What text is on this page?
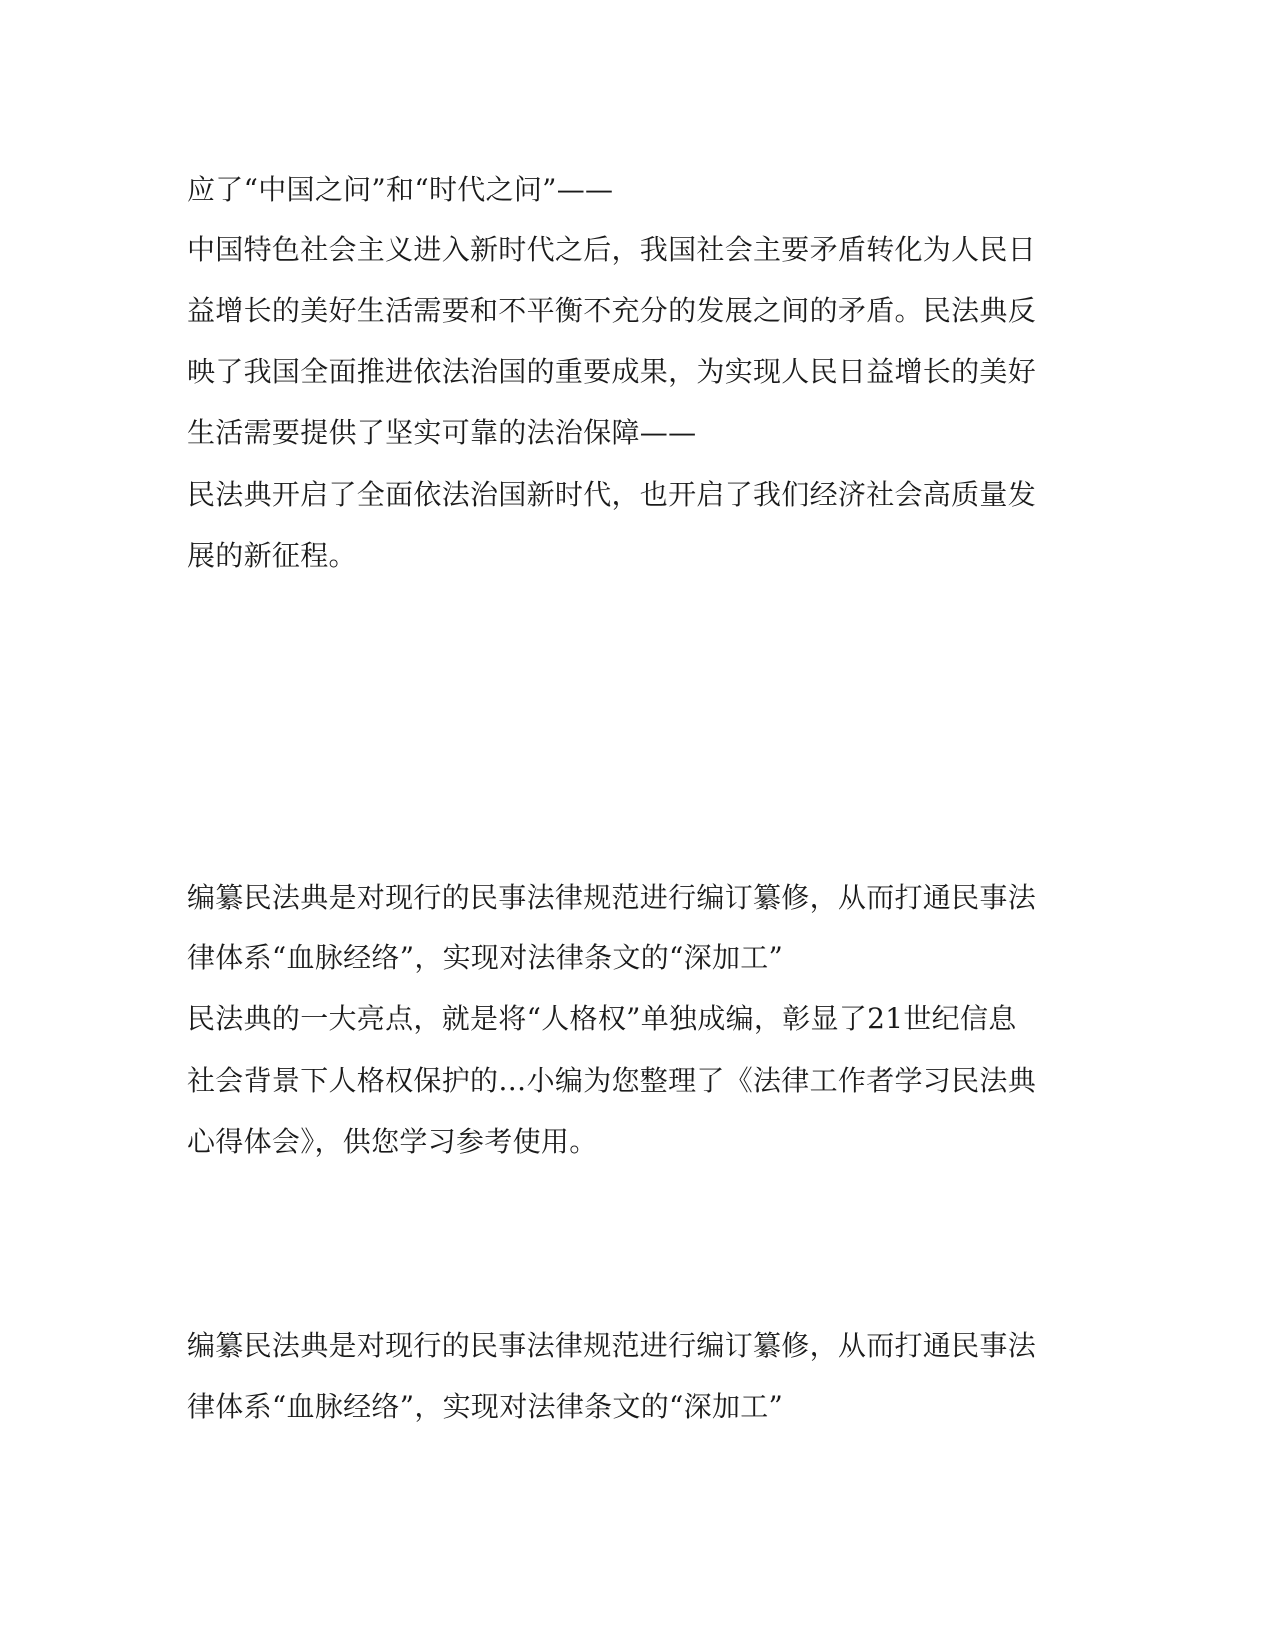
应了“中国之问”和“时代之问”——

中国特色社会主义进入新时代之后，我国社会主要矛盾转化为人民日

益增长的美好生活需要和不平衡不充分的发展之间的矛盾。民法典反

映了我国全面推进依法治国的重要成果，为实现人民日益增长的美好

生活需要提供了坚实可靠的法治保障——

民法典开启了全面依法治国新时代，也开启了我们经济社会高质量发

展的新征程。

编纂民法典是对现行的民事法律规范进行编订纂修，从而打通民事法

律体系“血脉经络”，实现对法律条文的“深加工”

民法典的一大亮点，就是将“人格权”单独成编，彰显了21世纪信息

社会背景下人格权保护的…小编为您整理了《法律工作者学习民法典

心得体会》，供您学习参考使用。

编纂民法典是对现行的民事法律规范进行编订纂修，从而打通民事法

律体系“血脉经络”，实现对法律条文的“深加工”
